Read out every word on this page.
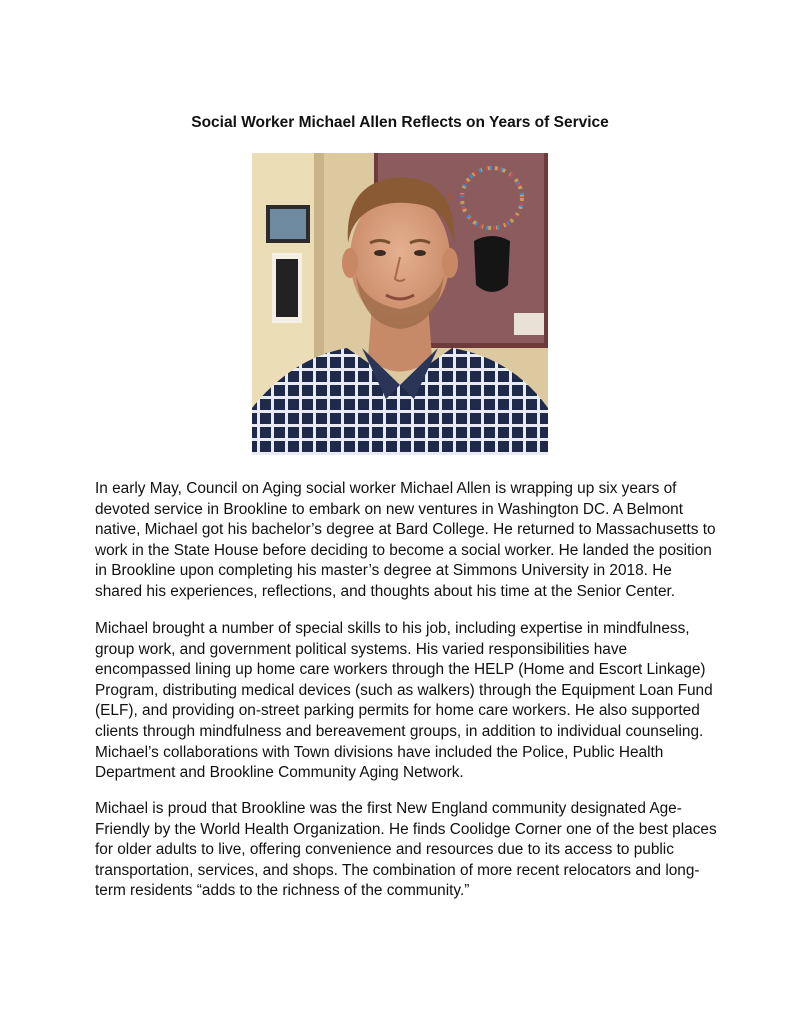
Social Worker Michael Allen Reflects on Years of Service

In early May, Council on Aging social worker Michael Allen is wrapping up six years of
devoted service in Brookline to embark on new ventures in Washington DC. A Belmont
native, Michael got his bachelor’s degree at Bard College. He returned to Massachusetts to
work in the State House before deciding to become a social worker. He landed the position
in Brookline upon completing his master’s degree at Simmons University in 2018. He
shared his experiences, reflections, and thoughts about his time at the Senior Center.

Michael brought a number of special skills to his job, including expertise in mindfulness,
group work, and government political systems. His varied responsibilities have
encompassed lining up home care workers through the HELP (Home and Escort Linkage)
Program, distributing medical devices (such as walkers) through the Equipment Loan Fund
(ELF), and providing on-street parking permits for home care workers. He also supported
clients through mindfulness and bereavement groups, in addition to individual counseling.
Michael’s collaborations with Town divisions have included the Police, Public Health
Department and Brookline Community Aging Network.

Michael is proud that Brookline was the first New England community designated Age-
Friendly by the World Health Organization. He finds Coolidge Corner one of the best places
for older adults to live, offering convenience and resources due to its access to public
transportation, services, and shops. The combination of more recent relocators and long-
term residents “adds to the richness of the community.”
